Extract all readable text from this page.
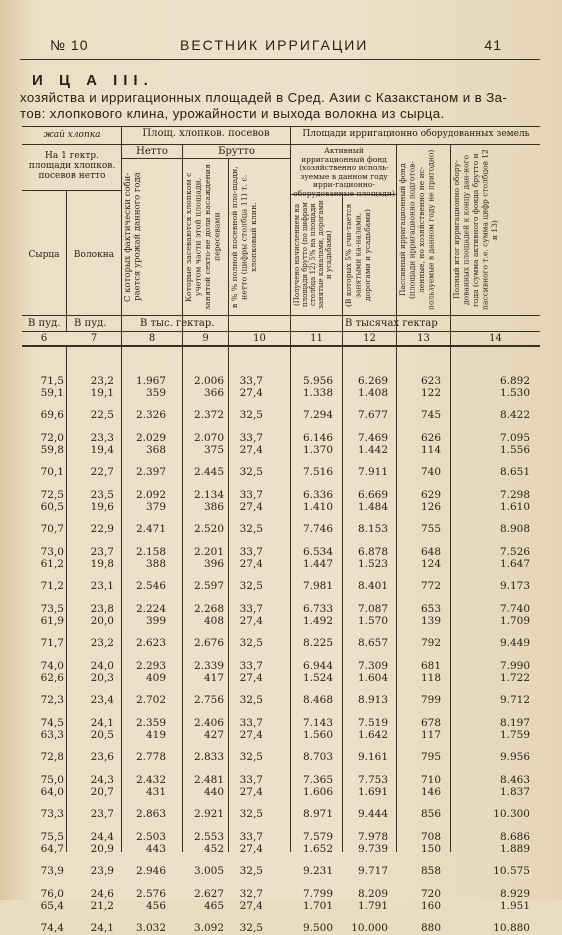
№ 10	ВЕСТНИК ИРРИГАЦИИ	41
И Ц А III.
хозяйства и ирригационных площадей в Сред. Азии с Казакстаном и в За-
тов: хлопкового клина, урожайности и выхода волокна из сырца.
жай хлопка
На 1 гектр. площади хлопков. посевов нетто
Сырца	Волокна
Площ. хлопков. посевов
Нетто	Брутто
Площади ирригационно оборудованных земель
Активный ирригационный фонд (хозяйственно исполь-зуемые в данном году ирри-гационно-оборудованные площади)
С которых фактически соби-рается урожай данного года	Которые засеваются хлопком с учетом части этой площади, занятой сехто-не доли насаждения пересевами	в % % полной посевной пло-щади, нетто (цифры столбца 11) т. с. хлопковый клин.	(Получено начислением на площади брутто (по цифрам столбца 12) 5% на площади занятые каналами, дорогами и усадьбами)	(В которых 5% счи-тается занятыми ка-налами, дорогами и усадьбами)	Пассивный ирригационный фонд (площади ирригационно подготов-ленные, но хозяйственно не ис-пользуемые в данном году не пригодно)	Полный итог ирригационно обору-дованных площадей к концу дан-ного года (сумма активного фонда брутто и пассивного т.е. сумма цифр столбцов 12 и 13)
В пуд. В пуд.	В тыс. гектар.	В тысячах гектар
6	7	8	9	10	11	12	13	14
71,5	23,2 1.967	2.006 33,7	5.956 6.269	623	6.892
59,1	19,1	359	366 27,4	1.338 1.408	122	1.530
69,6	22,5 2.326	2.372 32,5	7.294 7.677	745	8.422
72,0	23,3 2.029	2.070 33,7	6.146 7.469	626	7.095
59,8	19,4	368	375 27,4	1.370 1.442	114	1.556
70,1	22,7 2.397	2.445 32,5	7.516 7.911	740	8.651
72,5	23,5 2.092	2.134 33,7	6.336 6.669	629	7.298
60,5	19,6	379	386 27,4	1.410 1.484	126	1.610
70,7	22,9 2.471	2.520 32,5	7.746 8.153	755	8.908
73,0	23,7 2.158	2.201 33,7	6.534 6.878	648	7.526
61,2	19,8	388	396 27,4	1.447 1.523	124	1.647
71,2	23,1 2.546	2.597 32,5	7.981 8.401	772	9.173
73,5	23,8 2.224	2.268 33,7	6.733 7.087	653	7.740
61,9	20,0	399	408 27,4	1.492 1.570	139	1.709
71,7	23,2 2.623	2.676 32,5	8.225 8.657	792	9.449
74,0	24,0 2.293	2.339 33,7	6.944 7.309	681	7.990
62,6	20,3	409	417 27,4	1.524 1.604	118	1.722
72,3	23,4 2.702	2.756 32,5	8.468 8.913	799	9.712
74,5	24,1 2.359	2.406 33,7	7.143 7.519	678	8.197
63,3	20,5	419	427 27,4	1.560 1.642	117	1.759
72,8	23,6 2.778	2.833 32,5	8.703 9.161	795	9.956
75,0	24,3 2.432	2.481 33,7	7.365 7.753	710	8.463
64,0	20,7	431	440 27,4	1.606 1.691	146	1.837
73,3	23,7 2.863	2.921 32,5	8.971 9.444	856	10.300
75,5	24,4 2.503	2.553 33,7	7.579 7.978	708	8.686
64,7	20,9	443	452 27,4	1.652 9.739	150	1.889
73,9	23,9 2.946	3.005 32,5	9.231 9.717	858	10.575
76,0	24,6 2.576	2.627 32,7	7.799 8.209	720	8.929
65,4	21,2	456	465 27,4	1.701 1.791	160	1.951
74,4	24,1 3.032	3.092 32,5	9.500 10.000	880	10.880
